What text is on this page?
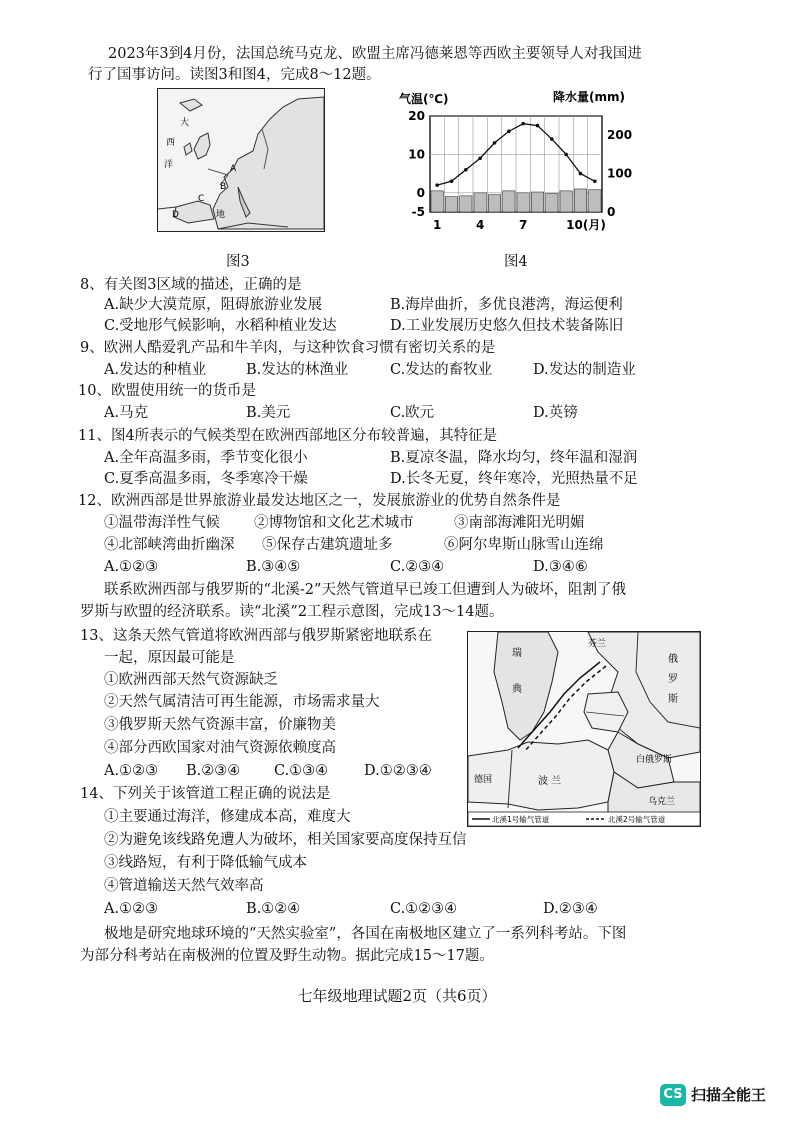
2023年3到4月份，法国总统马克龙、欧盟主席冯德莱恩等西欧主要领导人对我国进
行了国事访问。读图3和图4，完成8～12题。
大
西
洋	A
B
C
D	地
图3
气温(℃)	降水量(mm)
20
10
0
-5
200
100
0
1	4	7	10(月)
图4
8、有关图3区域的描述，正确的是
A.缺少大漠荒原，阻碍旅游业发展	B.海岸曲折，多优良港湾，海运便利
C.受地形气候影响，水稻种植业发达	D.工业发展历史悠久但技术装备陈旧
9、欧洲人酷爱乳产品和牛羊肉，与这种饮食习惯有密切关系的是
A.发达的种植业	B.发达的林渔业	C.发达的畜牧业	D.发达的制造业
10、欧盟使用统一的货币是
A.马克	B.美元	C.欧元	D.英镑
11、图4所表示的气候类型在欧洲西部地区分布较普遍，其特征是
A.全年高温多雨，季节变化很小	B.夏凉冬温，降水均匀，终年温和湿润
C.夏季高温多雨，冬季寒冷干燥	D.长冬无夏，终年寒冷，光照热量不足
12、欧洲西部是世界旅游业最发达地区之一，发展旅游业的优势自然条件是
①温带海洋性气候 ②博物馆和文化艺术城市	③南部海滩阳光明媚
④北部峡湾曲折幽深 ⑤保存古建筑遗址多	⑥阿尔卑斯山脉雪山连绵
A.①②③	B.③④⑤	C.②③④	D.③④⑥
联系欧洲西部与俄罗斯的“北溪-2”天然气管道早已竣工但遭到人为破坏，阻割了俄
罗斯与欧盟的经济联系。读“北溪”2工程示意图，完成13～14题。
13、这条天然气管道将欧洲西部与俄罗斯紧密地联系在
一起，原因最可能是
①欧洲西部天然气资源缺乏
②天然气属清洁可再生能源，市场需求量大
③俄罗斯天然气资源丰富，价廉物美
④部分西欧国家对油气资源依赖度高
A.①②③ B.②③④ C.①③④ D.①②③④
芬兰
俄
罗
斯
瑞
典
白俄罗斯
德国	波 兰
乌克兰
北溪1号输气管道	北溪2号输气管道
14、下列关于该管道工程正确的说法是
①主要通过海洋，修建成本高，难度大
②为避免该线路免遭人为破坏，相关国家要高度保持互信
③线路短，有利于降低输气成本
④管道输送天然气效率高
A.①②③	B.①②④	C.①②③④	D.②③④
极地是研究地球环境的“天然实验室”，各国在南极地区建立了一系列科考站。下图
为部分科考站在南极洲的位置及野生动物。据此完成15～17题。
七年级地理试题2页（共6页）
CS 扫描全能王
